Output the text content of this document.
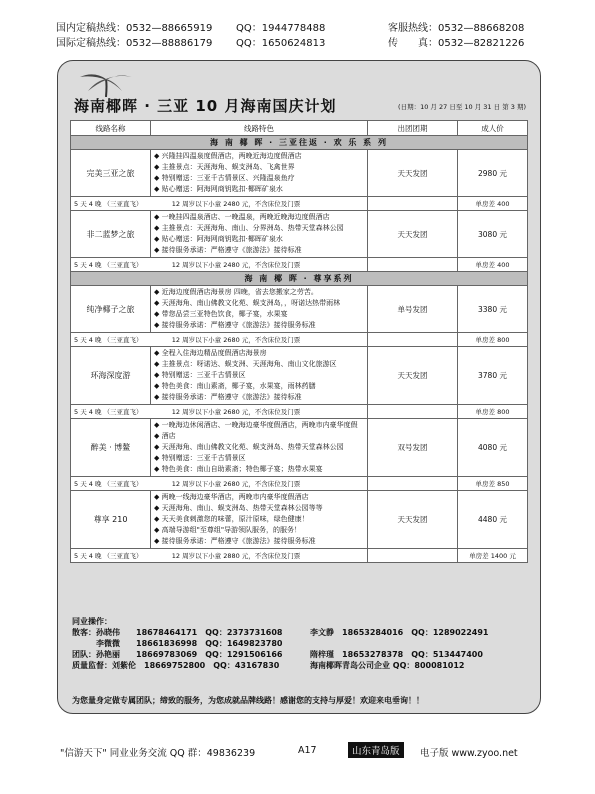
国内定稿热线：0532—88665919 QQ：1944778488	客服热线：0532—88668208
国际定稿热线：0532—88886179 QQ：1650624813	传　　真：0532—82821226
海南椰晖 · 三亚 10 月海南国庆计划	(日期：10 月 27 日至 10 月 31 日 第 3 期)
线路名称	线路特色	出团团期	成人价
海 南 椰 晖 · 三亚往返 · 欢 乐 系 列			
完美三亚之旅	◆ 兴隆挂四温泉度假酒店，两晚近海边度假酒店
◆ 主推景点：天涯海角、蜈支洲岛、飞禽世界
◆ 特别赠送：三亚千古情景区、兴隆温泉鱼疗
◆ 贴心赠送：阿海网商钥匙扣·椰晖矿泉水	天天发团	2980 元
5 天 4 晚 （三亚直飞）　　　　　 12 周岁以下小童 2480 元，不含床位及门票			单房差 400
非二蓝梦之旅	◆ 一晚挂四温泉酒店、一晚温泉，两晚近晚海边度假酒店
◆ 主推景点：天涯海角、南山、分界洲岛、热带天堂森林公园
◆ 贴心赠送：阿海网商钥匙扣·椰晖矿泉水
◆ 接待服务承诺：严格遵守《旅游法》接待标准	天天发团	3080 元
5 天 4 晚 （三亚直飞）　　　　　 12 周岁以下小童 2480 元，不含床位及门票			单房差 400
海 南 椰 晖 · 尊享系列			
纯净椰子之旅	◆ 近海边度假酒店海景房 四晚，省去您搬家之劳苦。
◆ 天涯海角、南山佛教文化苑、蜈支洲岛，，呀诺达热带雨林
◆ 带您品尝三亚特色饮食，椰子宴，水果宴
◆ 接待服务承诺：严格遵守《旅游法》接待服务标准	单号发团	3380 元
5 天 4 晚 （三亚直飞）　　　　　 12 周岁以下小童 2680 元，不含床位及门票			单房差 800
环海深度游	◆ 全程入住海边精品度假酒店海景房
◆ 主推景点：呀诺达、蜈支洲、天涯海角、南山文化旅游区
◆ 特别赠送：三亚千古情景区
◆ 特色美食：南山素斋，椰子宴，水果宴，雨林药膳
◆ 接待服务承诺：严格遵守《旅游法》接待标准	天天发团	3780 元
5 天 4 晚 （三亚直飞）　　　　　 12 周岁以下小童 2680 元，不含床位及门票			单房差 800
醉美 · 博鳌	◆ 一晚海边休闲酒店、一晚海边豪华度假酒店，两晚市内豪华度假
◆ 酒店
◆ 天涯海角、南山佛教文化苑、蜈支洲岛、热带天堂森林公园
◆ 特别赠送：三亚千古情景区
◆ 特色美食：南山自助素斋；特色椰子宴；热带水果宴	双号发团	4080 元
5 天 4 晚 （三亚直飞）　　　　　 12 周岁以下小童 2680 元，不含床位及门票			单房差 850
尊享 210	◆ 两晚一线海边豪华酒店，两晚市内豪华度假酒店
◆ 天涯海角、南山、蜈支洲岛、热带天堂森林公园等等
◆ 天天美食刺激您的味蕾，原汁原味，绿色健康！
◆ 高端导游组"至尊组"导游领队服务，的服务！
◆ 接待服务承诺：严格遵守《旅游法》接待服务标准	天天发团	4480 元
5 天 4 晚 （三亚直飞）　　　　　 12 周岁以下小童 2880 元，不含床位及门票			单房差 1400 元
同业操作：
散客：孙晓伟　　18678464171　QQ：2373731608	李文静　18653284016　QQ：1289022491
　　　李微微　　18661836998　QQ：1649823780
团队：孙艳丽　　18669783069　QQ：1291506166	隋梓瑾　18653278378　QQ：513447400
质量监督：刘紫伦　18669752800　QQ：43167830	海南椰晖青岛公司企业 QQ：800081012
为您量身定做专属团队；缔致的服务，为您成就品牌线路！感谢您的支持与厚爱！欢迎来电垂询！！
"信游天下" 同业业务交流 QQ 群：49836239	A17	山东青岛版	电子版 www.zyoo.net
